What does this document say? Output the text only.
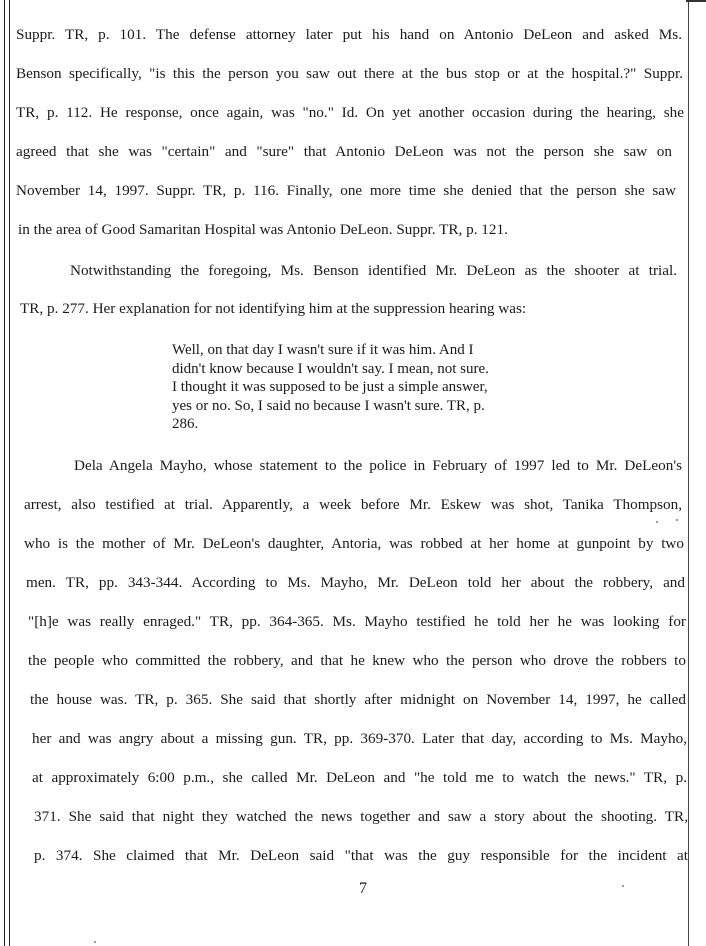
Suppr. TR, p. 101. The defense attorney later put his hand on Antonio DeLeon and asked Ms.
Benson specifically, "is this the person you saw out there at the bus stop or at the hospital.?" Suppr.
TR, p. 112. He response, once again, was "no." Id. On yet another occasion during the hearing, she
agreed that she was "certain" and "sure" that Antonio DeLeon was not the person she saw on
November 14, 1997. Suppr. TR, p. 116. Finally, one more time she denied that the person she saw
in the area of Good Samaritan Hospital was Antonio DeLeon. Suppr. TR, p. 121.
Notwithstanding the foregoing, Ms. Benson identified Mr. DeLeon as the shooter at trial.
TR, p. 277. Her explanation for not identifying him at the suppression hearing was:
Well, on that day I wasn't sure if it was him. And I
didn't know because I wouldn't say. I mean, not sure.
I thought it was supposed to be just a simple answer,
yes or no. So, I said no because I wasn't sure. TR, p.
286.
Dela Angela Mayho, whose statement to the police in February of 1997 led to Mr. DeLeon's
arrest, also testified at trial. Apparently, a week before Mr. Eskew was shot, Tanika Thompson,
who is the mother of Mr. DeLeon's daughter, Antoria, was robbed at her home at gunpoint by two
men. TR, pp. 343-344. According to Ms. Mayho, Mr. DeLeon told her about the robbery, and
"[h]e was really enraged." TR, pp. 364-365. Ms. Mayho testified he told her he was looking for
the people who committed the robbery, and that he knew who the person who drove the robbers to
the house was. TR, p. 365. She said that shortly after midnight on November 14, 1997, he called
her and was angry about a missing gun. TR, pp. 369-370. Later that day, according to Ms. Mayho,
at approximately 6:00 p.m., she called Mr. DeLeon and "he told me to watch the news." TR, p.
371. She said that night they watched the news together and saw a story about the shooting. TR,
p. 374. She claimed that Mr. DeLeon said "that was the guy responsible for the incident at
7
